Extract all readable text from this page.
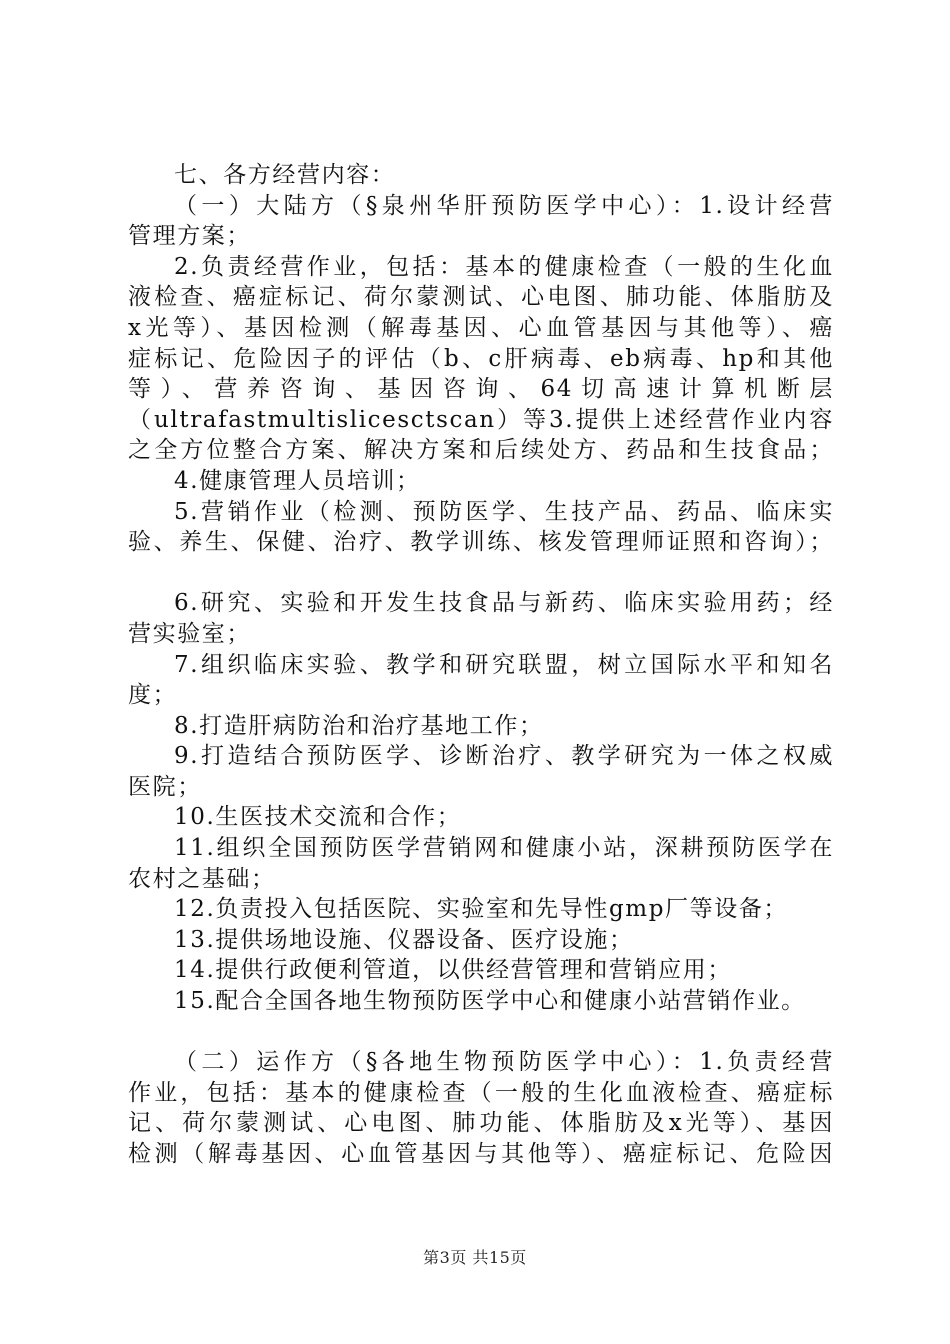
七、各方经营内容：
（一）大陆方（§泉州华肝预防医学中心）：1.设计经营
管理方案；
2.负责经营作业，包括：基本的健康检查（一般的生化血
液检查、癌症标记、荷尔蒙测试、心电图、肺功能、体脂肪及
x光等）、基因检测（解毒基因、心血管基因与其他等）、癌
症标记、危险因子的评估（b、c肝病毒、eb病毒、hp和其他
等）、营养咨询、基因咨询、64切高速计算机断层
（ultrafastmultislicesctscan）等3.提供上述经营作业内容
之全方位整合方案、解决方案和后续处方、药品和生技食品；
4.健康管理人员培训；
5.营销作业（检测、预防医学、生技产品、药品、临床实
验、养生、保健、治疗、教学训练、核发管理师证照和咨询）；
6.研究、实验和开发生技食品与新药、临床实验用药；经
营实验室；
7.组织临床实验、教学和研究联盟，树立国际水平和知名
度；
8.打造肝病防治和治疗基地工作；
9.打造结合预防医学、诊断治疗、教学研究为一体之权威
医院；
10.生医技术交流和合作；
11.组织全国预防医学营销网和健康小站，深耕预防医学在
农村之基础；
12.负责投入包括医院、实验室和先导性gmp厂等设备；
13.提供场地设施、仪器设备、医疗设施；
14.提供行政便利管道，以供经营管理和营销应用；
15.配合全国各地生物预防医学中心和健康小站营销作业。
（二）运作方（§各地生物预防医学中心）：1.负责经营
作业，包括：基本的健康检查（一般的生化血液检查、癌症标
记、荷尔蒙测试、心电图、肺功能、体脂肪及x光等）、基因
检测（解毒基因、心血管基因与其他等）、癌症标记、危险因
第3页 共15页
